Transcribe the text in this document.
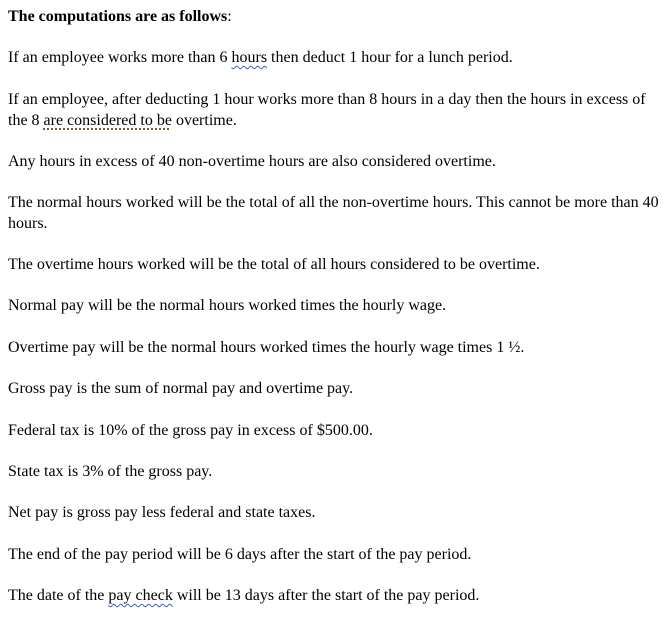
The computations are as follows:

If an employee works more than 6 hours then deduct 1 hour for a lunch period.

If an employee, after deducting 1 hour works more than 8 hours in a day then the hours in excess of the 8 are considered to be overtime.

Any hours in excess of 40 non-overtime hours are also considered overtime.

The normal hours worked will be the total of all the non-overtime hours. This cannot be more than 40 hours.

The overtime hours worked will be the total of all hours considered to be overtime.

Normal pay will be the normal hours worked times the hourly wage.

Overtime pay will be the normal hours worked times the hourly wage times 1 ½.

Gross pay is the sum of normal pay and overtime pay.

Federal tax is 10% of the gross pay in excess of $500.00.

State tax is 3% of the gross pay.

Net pay is gross pay less federal and state taxes.

The end of the pay period will be 6 days after the start of the pay period.

The date of the pay check will be 13 days after the start of the pay period.
